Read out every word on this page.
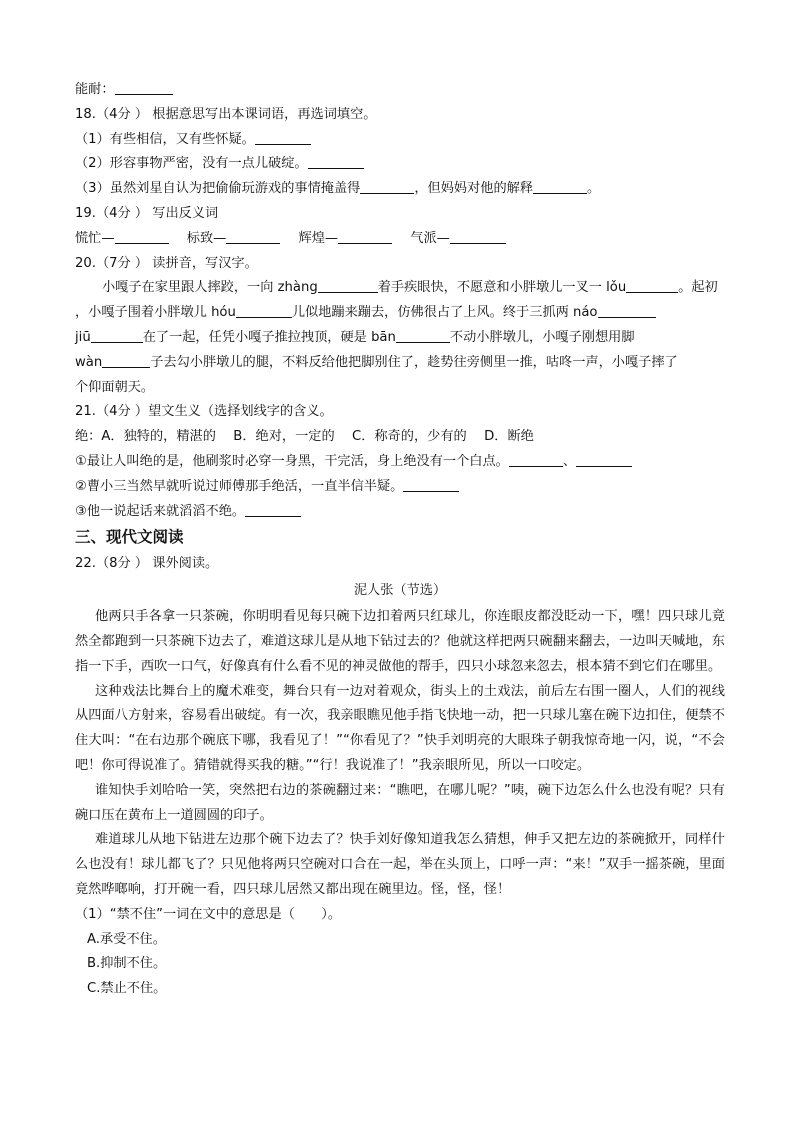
能耐：
18.（4分 ） 根据意思写出本课词语，再选词填空。
（1）有些相信，又有些怀疑。
（2）形容事物严密，没有一点儿破绽。
（3）虽然刘星自认为把偷偷玩游戏的事情掩盖得	，但妈妈对他的解释	。
19.（4分 ） 写出反义词
慌忙—	标致—	辉煌—	气派—
20.（7分 ） 读拼音，写汉字。
小嘎子在家里跟人摔跤，一向 zhàng	着手疾眼快，不愿意和小胖墩儿一叉一 lǒu	。起初
，小嘎子围着小胖墩儿 hóu	儿似地蹦来蹦去，仿佛很占了上风。终于三抓两 náo
jiū	在了一起，任凭小嘎子推拉拽顶，硬是 bān	不动小胖墩儿，小嘎子刚想用脚
wàn	子去勾小胖墩儿的腿，不料反给他把脚别住了，趁势往旁侧里一推，咕咚一声，小嘎子摔了
个仰面朝天。
21.（4分 ）望文生义（选择划线字的含义。
绝：A．独特的，精湛的　 B．绝对，一定的　 C．称奇的，少有的　 D．断绝
①最让人叫绝的是，他刷浆时必穿一身黑，干完活，身上绝没有一个白点。	、
②曹小三当然早就听说过师傅那手绝活，一直半信半疑。
③他一说起话来就滔滔不绝。
三、现代文阅读
22.（8分 ） 课外阅读。
泥人张（节选）

  他两只手各拿一只茶碗，你明明看见每只碗下边扣着两只红球儿，你连眼皮都没眨动一下，嘿！四只球儿竟然全都跑到一只茶碗下边去了，难道这球儿是从地下钻过去的？他就这样把两只碗翻来翻去，一边叫天喊地，东指一下手，西吹一口气，好像真有什么看不见的神灵做他的帮手，四只小球忽来忽去，根本猜不到它们在哪里。

  这种戏法比舞台上的魔术难变，舞台只有一边对着观众，街头上的土戏法，前后左右围一圈人，人们的视线从四面八方射来，容易看出破绽。有一次，我亲眼瞧见他手指飞快地一动，把一只球儿塞在碗下边扣住，便禁不住大叫：“在右边那个碗底下哪，我看见了！”“你看见了？”快手刘明亮的大眼珠子朝我惊奇地一闪，说，“不会吧！你可得说准了。猜错就得买我的糖。”“行！我说准了！”我亲眼所见，所以一口咬定。

  谁知快手刘哈哈一笑，突然把右边的茶碗翻过来：“瞧吧，在哪儿呢？”咦，碗下边怎么什么也没有呢？只有碗口压在黄布上一道圆圆的印子。

  难道球儿从地下钻进左边那个碗下边去了？快手刘好像知道我怎么猜想，伸手又把左边的茶碗掀开，同样什么也没有！球儿都飞了？只见他将两只空碗对口合在一起，举在头顶上，口呼一声：“来！”双手一摇茶碗，里面竟然哗啷响，打开碗一看，四只球儿居然又都出现在碗里边。怪，怪，怪！

（1）“禁不住”一词在文中的意思是（　　）。
A.承受不住。
B.抑制不住。
C.禁止不住。
